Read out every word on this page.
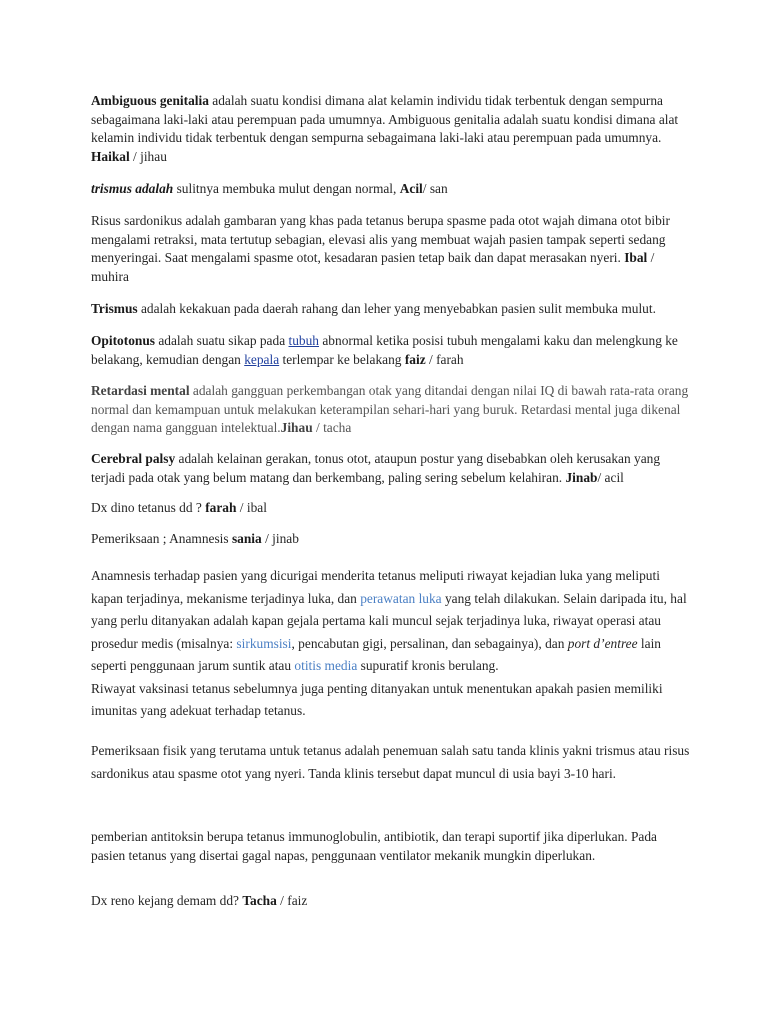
Ambiguous genitalia adalah suatu kondisi dimana alat kelamin individu tidak terbentuk dengan sempurna sebagaimana laki-laki atau perempuan pada umumnya. Ambiguous genitalia adalah suatu kondisi dimana alat kelamin individu tidak terbentuk dengan sempurna sebagaimana laki-laki atau perempuan pada umumnya. Haikal / jihau

trismus adalah sulitnya membuka mulut dengan normal, Acil/ san

Risus sardonikus adalah gambaran yang khas pada tetanus berupa spasme pada otot wajah dimana otot bibir mengalami retraksi, mata tertutup sebagian, elevasi alis yang membuat wajah pasien tampak seperti sedang menyeringai. Saat mengalami spasme otot, kesadaran pasien tetap baik dan dapat merasakan nyeri. Ibal / muhira

Trismus adalah kekakuan pada daerah rahang dan leher yang menyebabkan pasien sulit membuka mulut.

Opitotonus adalah suatu sikap pada tubuh abnormal ketika posisi tubuh mengalami kaku dan melengkung ke belakang, kemudian dengan kepala terlempar ke belakang faiz / farah

Retardasi mental adalah gangguan perkembangan otak yang ditandai dengan nilai IQ di bawah rata-rata orang normal dan kemampuan untuk melakukan keterampilan sehari-hari yang buruk. Retardasi mental juga dikenal dengan nama gangguan intelektual.Jihau / tacha

Cerebral palsy adalah kelainan gerakan, tonus otot, ataupun postur yang disebabkan oleh kerusakan yang terjadi pada otak yang belum matang dan berkembang, paling sering sebelum kelahiran. Jinab/ acil

Dx dino tetanus dd ? farah / ibal

Pemeriksaan ; Anamnesis sania / jinab

Anamnesis terhadap pasien yang dicurigai menderita tetanus meliputi riwayat kejadian luka yang meliputi kapan terjadinya, mekanisme terjadinya luka, dan perawatan luka yang telah dilakukan. Selain daripada itu, hal yang perlu ditanyakan adalah kapan gejala pertama kali muncul sejak terjadinya luka, riwayat operasi atau prosedur medis (misalnya: sirkumsisi, pencabutan gigi, persalinan, dan sebagainya), dan port d’entree lain seperti penggunaan jarum suntik atau otitis media supuratif kronis berulang.
Riwayat vaksinasi tetanus sebelumnya juga penting ditanyakan untuk menentukan apakah pasien memiliki imunitas yang adekuat terhadap tetanus.

Pemeriksaan fisik yang terutama untuk tetanus adalah penemuan salah satu tanda klinis yakni trismus atau risus sardonikus atau spasme otot yang nyeri. Tanda klinis tersebut dapat muncul di usia bayi 3-10 hari.

pemberian antitoksin berupa tetanus immunoglobulin, antibiotik, dan terapi suportif jika diperlukan. Pada pasien tetanus yang disertai gagal napas, penggunaan ventilator mekanik mungkin diperlukan.

Dx reno kejang demam dd? Tacha / faiz
